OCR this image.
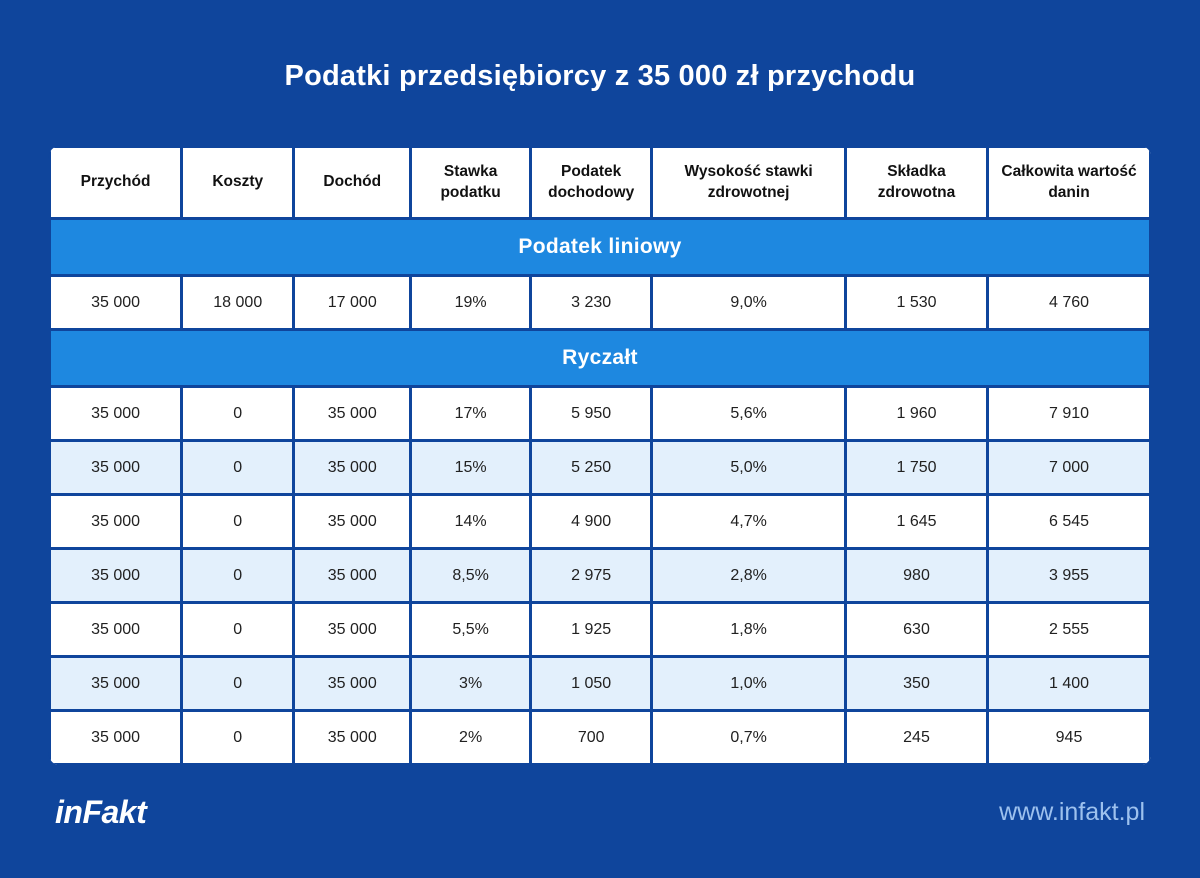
Podatki przedsiębiorcy z 35 000 zł przychodu
Przychód	Koszty	Dochód	Stawka podatku	Podatek dochodowy	Wysokość stawki zdrowotnej	Składka zdrowotna	Całkowita wartość danin
Podatek liniowy							
35 000	18 000	17 000	19%	3 230	9,0%	1 530	4 760
Ryczałt							
35 000	0	35 000	17%	5 950	5,6%	1 960	7 910
35 000	0	35 000	15%	5 250	5,0%	1 750	7 000
35 000	0	35 000	14%	4 900	4,7%	1 645	6 545
35 000	0	35 000	8,5%	2 975	2,8%	980	3 955
35 000	0	35 000	5,5%	1 925	1,8%	630	2 555
35 000	0	35 000	3%	1 050	1,0%	350	1 400
35 000	0	35 000	2%	700	0,7%	245	945
inFakt	www.infakt.pl
